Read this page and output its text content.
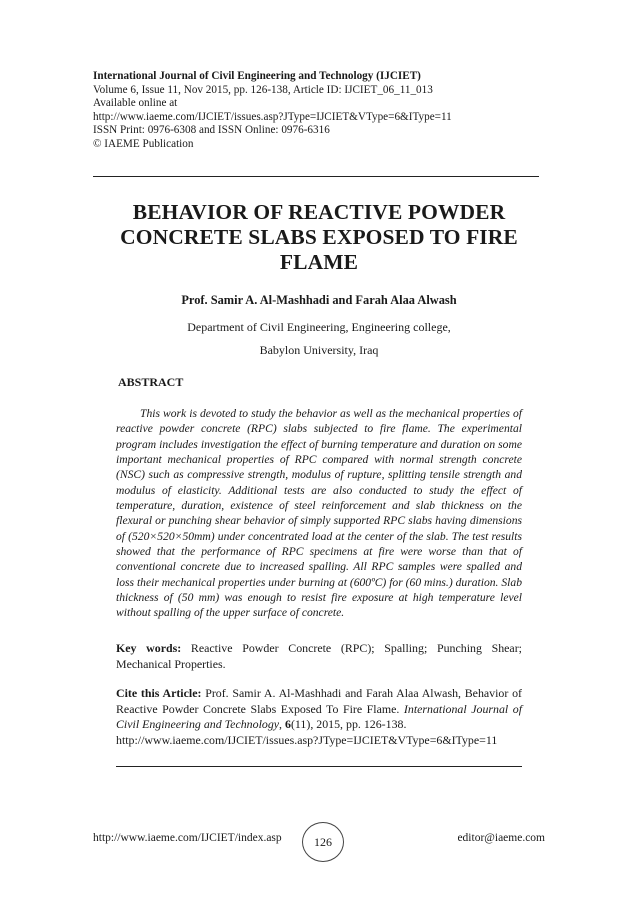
International Journal of Civil Engineering and Technology (IJCIET)
Volume 6, Issue 11, Nov 2015, pp. 126-138, Article ID: IJCIET_06_11_013
Available online at
http://www.iaeme.com/IJCIET/issues.asp?JType=IJCIET&VType=6&IType=11
ISSN Print: 0976-6308 and ISSN Online: 0976-6316
© IAEME Publication
BEHAVIOR OF REACTIVE POWDER CONCRETE SLABS EXPOSED TO FIRE FLAME
Prof. Samir A. Al-Mashhadi and Farah Alaa Alwash
Department of Civil Engineering, Engineering college,
Babylon University, Iraq
ABSTRACT
This work is devoted to study the behavior as well as the mechanical properties of reactive powder concrete (RPC) slabs subjected to fire flame. The experimental program includes investigation the effect of burning temperature and duration on some important mechanical properties of RPC compared with normal strength concrete (NSC) such as compressive strength, modulus of rupture, splitting tensile strength and modulus of elasticity. Additional tests are also conducted to study the effect of temperature, duration, existence of steel reinforcement and slab thickness on the flexural or punching shear behavior of simply supported RPC slabs having dimensions of (520×520×50mm) under concentrated load at the center of the slab. The test results showed that the performance of RPC specimens at fire were worse than that of conventional concrete due to increased spalling. All RPC samples were spalled and loss their mechanical properties under burning at (600ºC) for (60 mins.) duration. Slab thickness of (50 mm) was enough to resist fire exposure at high temperature level without spalling of the upper surface of concrete.
Key words: Reactive Powder Concrete (RPC); Spalling; Punching Shear; Mechanical Properties.
Cite this Article: Prof. Samir A. Al-Mashhadi and Farah Alaa Alwash, Behavior of Reactive Powder Concrete Slabs Exposed To Fire Flame. International Journal of Civil Engineering and Technology, 6(11), 2015, pp. 126-138.
http://www.iaeme.com/IJCIET/issues.asp?JType=IJCIET&VType=6&IType=11
http://www.iaeme.com/IJCIET/index.asp	126	editor@iaeme.com
